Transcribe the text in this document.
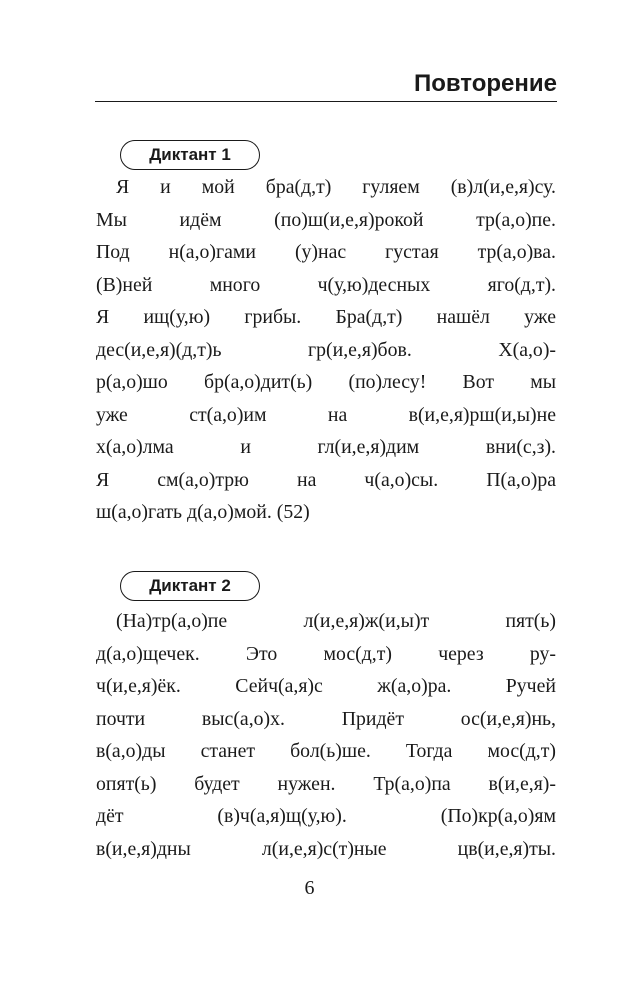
Повторение
Диктант 1
Я и мой бра(д,т) гуляем (в)л(и,е,я)су.
Мы идём (по)ш(и,е,я)рокой тр(а,о)пе.
Под н(а,о)гами (у)нас густая тр(а,о)ва.
(В)ней много ч(у,ю)десных яго(д,т).
Я ищ(у,ю) грибы. Бра(д,т) нашёл уже
дес(и,е,я)(д,т)ь гр(и,е,я)бов. Х(а,о)-
р(а,о)шо бр(а,о)дит(ь) (по)лесу! Вот мы
уже ст(а,о)им на в(и,е,я)рш(и,ы)не
х(а,о)лма и гл(и,е,я)дим вни(с,з).
Я см(а,о)трю на ч(а,о)сы. П(а,о)ра
ш(а,о)гать д(а,о)мой. (52)
Диктант 2
(На)тр(а,о)пе л(и,е,я)ж(и,ы)т пят(ь)
д(а,о)щечек. Это мос(д,т) через ру-
ч(и,е,я)ёк. Сейч(а,я)с ж(а,о)ра. Ручей
почти выс(а,о)х. Придёт ос(и,е,я)нь,
в(а,о)ды станет бол(ь)ше. Тогда мос(д,т)
опят(ь) будет нужен. Тр(а,о)па в(и,е,я)-
дёт (в)ч(а,я)щ(у,ю). (По)кр(а,о)ям
в(и,е,я)дны л(и,е,я)с(т)ные цв(и,е,я)ты.
6
